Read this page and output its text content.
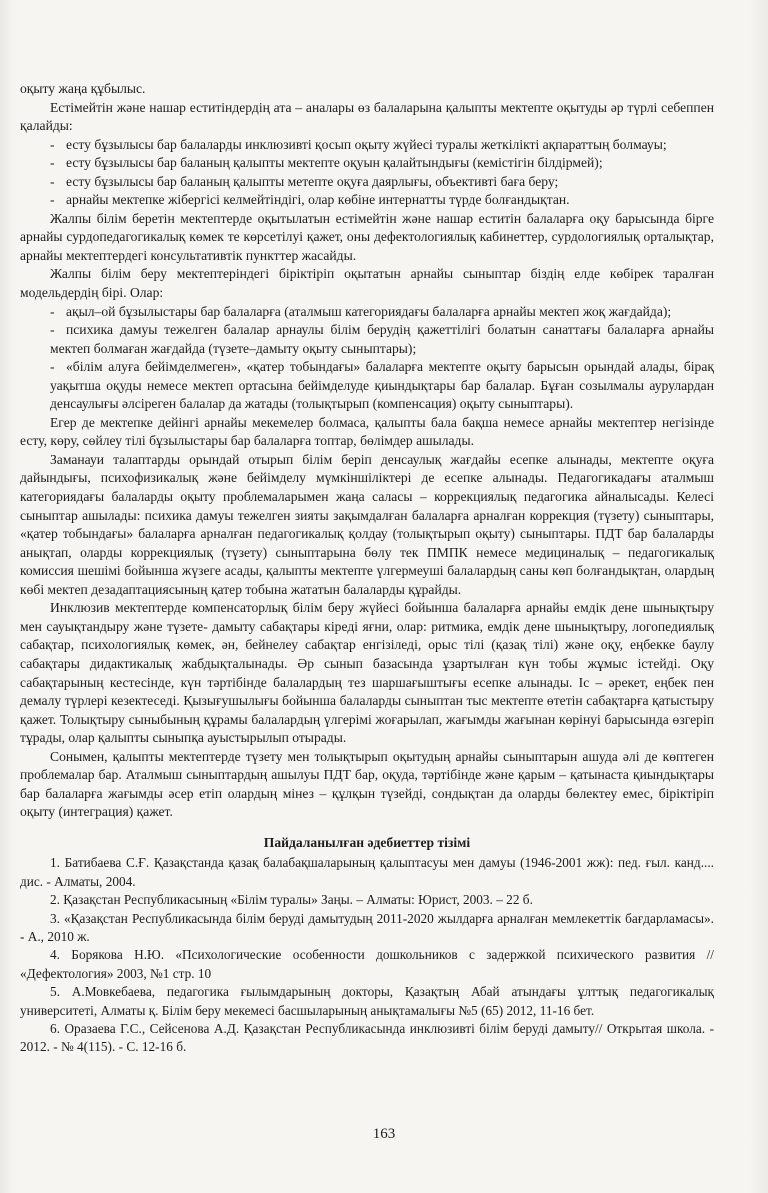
оқыту жаңа құбылыс.

Естімейтін және нашар еститіндердің ата – аналары өз балаларына қалыпты мектепте оқытуды әр түрлі себеппен қалайды:

- есту бұзылысы бар балаларды инклюзивті қосып оқыту жүйесі туралы жеткілікті ақпараттың болмауы;

- есту бұзылысы бар баланың қалыпты мектепте оқуын қалайтындығы (кемістігін білдірмей);

- есту бұзылысы бар баланың қалыпты метепте оқуға даярлығы, объективті баға беру;

- арнайы мектепке жібергісі келмейтіндігі, олар көбіне интернатты түрде болғандықтан.

Жалпы білім беретін мектептерде оқытылатын естімейтін және нашар еститін балаларға оқу барысында бірге арнайы сурдопедагогикалық көмек те көрсетілуі қажет, оны дефектологиялық кабинеттер, сурдологиялық орталықтар, арнайы мектептердегі консультативтік пункттер жасайды.

Жалпы білім беру мектептеріндегі біріктіріп оқытатын арнайы сыныптар біздің елде көбірек таралған модельдердің бірі. Олар:

- ақыл–ой бұзылыстары бар балаларға (аталмыш категориядағы балаларға арнайы мектеп жоқ жағдайда);

- психика дамуы тежелген балалар арнаулы білім берудің қажеттілігі болатын санаттағы балаларға арнайы мектеп болмаған жағдайда (түзете–дамыту оқыту сыныптары);

- «білім алуға бейімделмеген», «қатер тобындағы» балаларға мектепте оқыту барысын орындай алады, бірақ уақытша оқуды немесе мектеп ортасына бейімделуде қиындықтары бар балалар. Бұған созылмалы аурулардан денсаулығы әлсіреген балалар да жатады (толықтырып (компенсация) оқыту сыныптары).

Егер де мектепке дейінгі арнайы мекемелер болмаса, қалыпты бала бақша немесе арнайы мектептер негізінде есту, көру, сөйлеу тілі бұзылыстары бар балаларға топтар, бөлімдер ашылады.

Заманауи талаптарды орындай отырып білім беріп денсаулық жағдайы есепке алынады, мектепте оқуға дайындығы, психофизикалық және бейімделу мүмкіншіліктері де есепке алынады. Педагогикадағы аталмыш категориядағы балаларды оқыту проблемаларымен жаңа саласы – коррекциялық педагогика айналысады. Келесі сыныптар ашылады: психика дамуы тежелген зияты зақымдалған балаларға арналған коррекция (түзету) сыныптары, «қатер тобындағы» балаларға арналған педагогикалық қолдау (толықтырып оқыту) сыныптары. ПДТ бар балаларды анықтап, оларды коррекциялық (түзету) сыныптарына бөлу тек ПМПК немесе медициналық – педагогикалық комиссия шешімі бойынша жүзеге асады, қалыпты мектепте үлгермеуші балалардың саны көп болғандықтан, олардың көбі мектеп дезадаптациясының қатер тобына жататын балаларды құрайды.

Инклюзив мектептерде компенсаторлық білім беру жүйесі бойынша балаларға арнайы емдік дене шынықтыру мен сауықтандыру және түзете- дамыту сабақтары кіреді яғни, олар: ритмика, емдік дене шынықтыру, логопедиялық сабақтар, психологиялық көмек, ән, бейнелеу сабақтар енгізіледі, орыс тілі (қазақ тілі) және оқу, еңбекке баулу сабақтары дидактикалық жабдықталынады. Әр сынып базасында ұзартылған күн тобы жұмыс істейді. Оқу сабақтарының кестесінде, күн тәртібінде балалардың тез шаршағыштығы есепке алынады. Іс – әрекет, еңбек пен демалу түрлері кезектеседі. Қызығушылығы бойынша балаларды сыныптан тыс мектепте өтетін сабақтарға қатыстыру қажет. Толықтыру сыныбының құрамы балалардың үлгерімі жоғарылап, жағымды жағынан көрінуі барысында өзгеріп тұрады, олар қалыпты сыныпқа ауыстырылып отырады.

Сонымен, қалыпты мектептерде түзету мен толықтырып оқытудың арнайы сыныптарын ашуда әлі де көптеген проблемалар бар. Аталмыш сыныптардың ашылуы ПДТ бар, оқуда, тәртібінде және қарым – қатынаста қиындықтары бар балаларға жағымды әсер етіп олардың мінез – құлқын түзейді, сондықтан да оларды бөлектеу емес, біріктіріп оқыту (интеграция) қажет.

Пайдаланылған әдебиеттер тізімі

1. Батибаева С.Ғ. Қазақстанда қазақ балабақшаларының қалыптасуы мен дамуы (1946-2001 жж): пед. ғыл. канд.... дис. - Алматы, 2004.

2. Қазақстан Республикасының «Білім туралы» Заңы. – Алматы: Юрист, 2003. – 22 б.

3. «Қазақстан Республикасында білім беруді дамытудың 2011-2020 жылдарға арналған мемлекеттік бағдарламасы». - А., 2010 ж.

4. Борякова Н.Ю. «Психологические особенности дошкольников с задержкой психического развития // «Дефектология» 2003, №1 стр. 10

5. А.Мовкебаева, педагогика ғылымдарының докторы, Қазақтың Абай атындағы ұлттық педагогикалық университеті, Алматы қ. Білім беру мекемесі басшыларының анықтамалығы №5 (65) 2012, 11-16 бет.

6. Оразаева Г.С., Сейсенова А.Д. Қазақстан Республикасында инклюзивті білім беруді дамыту// Открытая школа. - 2012. - № 4(115). - С. 12-16 б.

163
